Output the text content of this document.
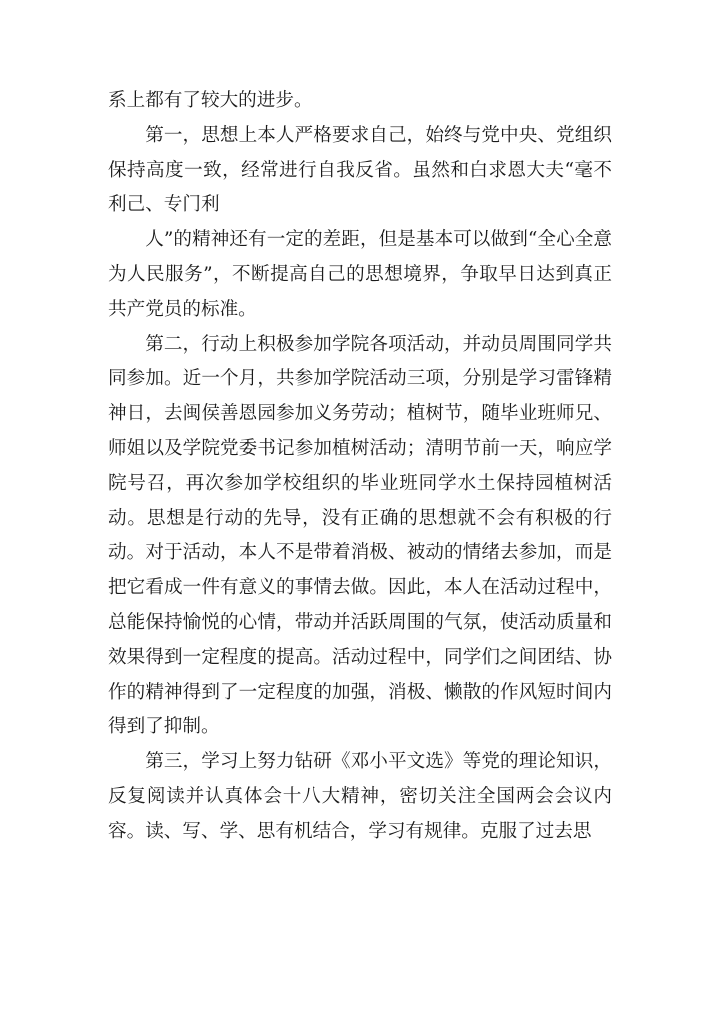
系上都有了较大的进步。

第一，思想上本人严格要求自己，始终与党中央、党组织保持高度一致，经常进行自我反省。虽然和白求恩大夫“毫不利己、专门利

人”的精神还有一定的差距，但是基本可以做到“全心全意为人民服务”，不断提高自己的思想境界，争取早日达到真正共产党员的标准。

第二，行动上积极参加学院各项活动，并动员周围同学共同参加。近一个月，共参加学院活动三项，分别是学习雷锋精神日，去闽侯善恩园参加义务劳动；植树节，随毕业班师兄、师姐以及学院党委书记参加植树活动；清明节前一天，响应学院号召，再次参加学校组织的毕业班同学水土保持园植树活动。思想是行动的先导，没有正确的思想就不会有积极的行动。对于活动，本人不是带着消极、被动的情绪去参加，而是把它看成一件有意义的事情去做。因此，本人在活动过程中，总能保持愉悦的心情，带动并活跃周围的气氛，使活动质量和效果得到一定程度的提高。活动过程中，同学们之间团结、协作的精神得到了一定程度的加强，消极、懒散的作风短时间内得到了抑制。

第三，学习上努力钻研《邓小平文选》等党的理论知识，反复阅读并认真体会十八大精神，密切关注全国两会会议内容。读、写、学、思有机结合，学习有规律。克服了过去思
